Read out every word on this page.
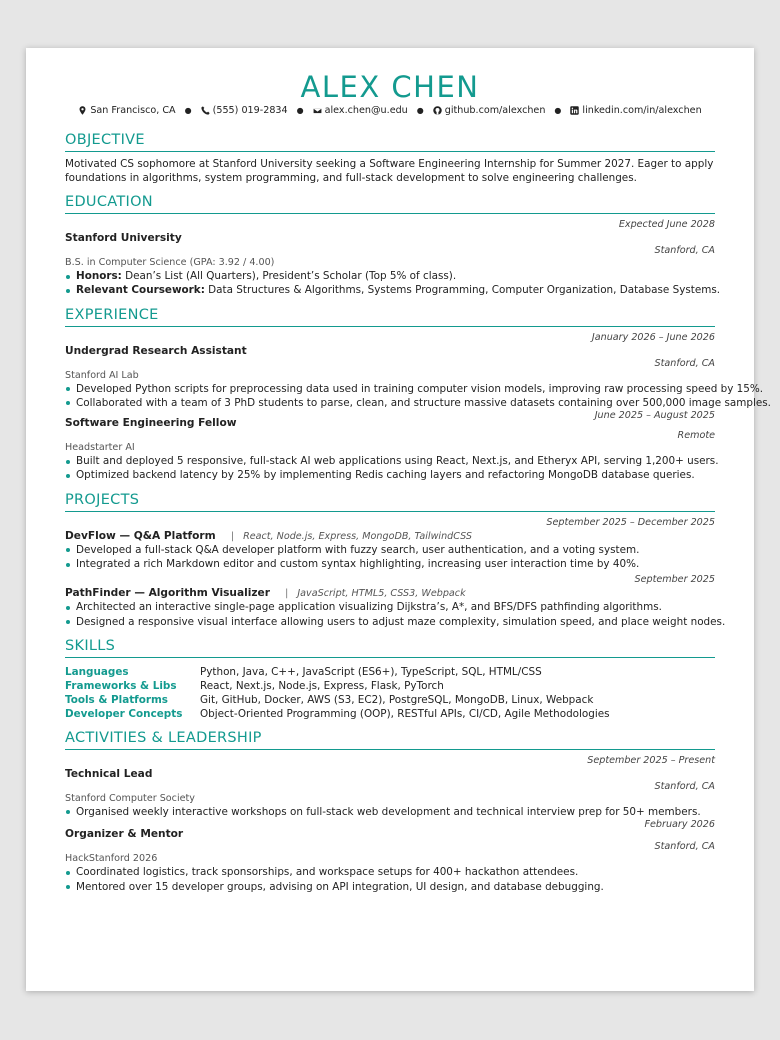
ALEX CHEN
San Francisco, CA ● (555) 019-2834 ● alex.chen@u.edu ● github.com/alexchen ● linkedin.com/in/alexchen
OBJECTIVE
Motivated CS sophomore at Stanford University seeking a Software Engineering Internship for Summer 2027. Eager to apply foundations in algorithms, system programming, and full-stack development to solve engineering challenges.
EDUCATION
Expected June 2028
Stanford University
Stanford, CA
B.S. in Computer Science (GPA: 3.92 / 4.00)
Honors: Dean’s List (All Quarters), President’s Scholar (Top 5% of class).
Relevant Coursework: Data Structures & Algorithms, Systems Programming, Computer Organization, Database Systems.
EXPERIENCE
January 2026 – June 2026
Undergrad Research Assistant
Stanford, CA
Stanford AI Lab
Developed Python scripts for preprocessing data used in training computer vision models, improving raw processing speed by 15%.
Collaborated with a team of 3 PhD students to parse, clean, and structure massive datasets containing over 500,000 image samples.
June 2025 – August 2025
Software Engineering Fellow
Remote
Headstarter AI
Built and deployed 5 responsive, full-stack AI web applications using React, Next.js, and Etheryx API, serving 1,200+ users.
Optimized backend latency by 25% by implementing Redis caching layers and refactoring MongoDB database queries.
PROJECTS
September 2025 – December 2025
DevFlow — Q&A Platform | React, Node.js, Express, MongoDB, TailwindCSS
Developed a full-stack Q&A developer platform with fuzzy search, user authentication, and a voting system.
Integrated a rich Markdown editor and custom syntax highlighting, increasing user interaction time by 40%.
September 2025
PathFinder — Algorithm Visualizer | JavaScript, HTML5, CSS3, Webpack
Architected an interactive single-page application visualizing Dijkstra’s, A*, and BFS/DFS pathfinding algorithms.
Designed a responsive visual interface allowing users to adjust maze complexity, simulation speed, and place weight nodes.
SKILLS
Languages	Python, Java, C++, JavaScript (ES6+), TypeScript, SQL, HTML/CSS
Frameworks & Libs	React, Next.js, Node.js, Express, Flask, PyTorch
Tools & Platforms	Git, GitHub, Docker, AWS (S3, EC2), PostgreSQL, MongoDB, Linux, Webpack
Developer Concepts	Object-Oriented Programming (OOP), RESTful APIs, CI/CD, Agile Methodologies
ACTIVITIES & LEADERSHIP
September 2025 – Present
Technical Lead
Stanford, CA
Stanford Computer Society
Organised weekly interactive workshops on full-stack web development and technical interview prep for 50+ members.
February 2026
Organizer & Mentor
Stanford, CA
HackStanford 2026
Coordinated logistics, track sponsorships, and workspace setups for 400+ hackathon attendees.
Mentored over 15 developer groups, advising on API integration, UI design, and database debugging.
